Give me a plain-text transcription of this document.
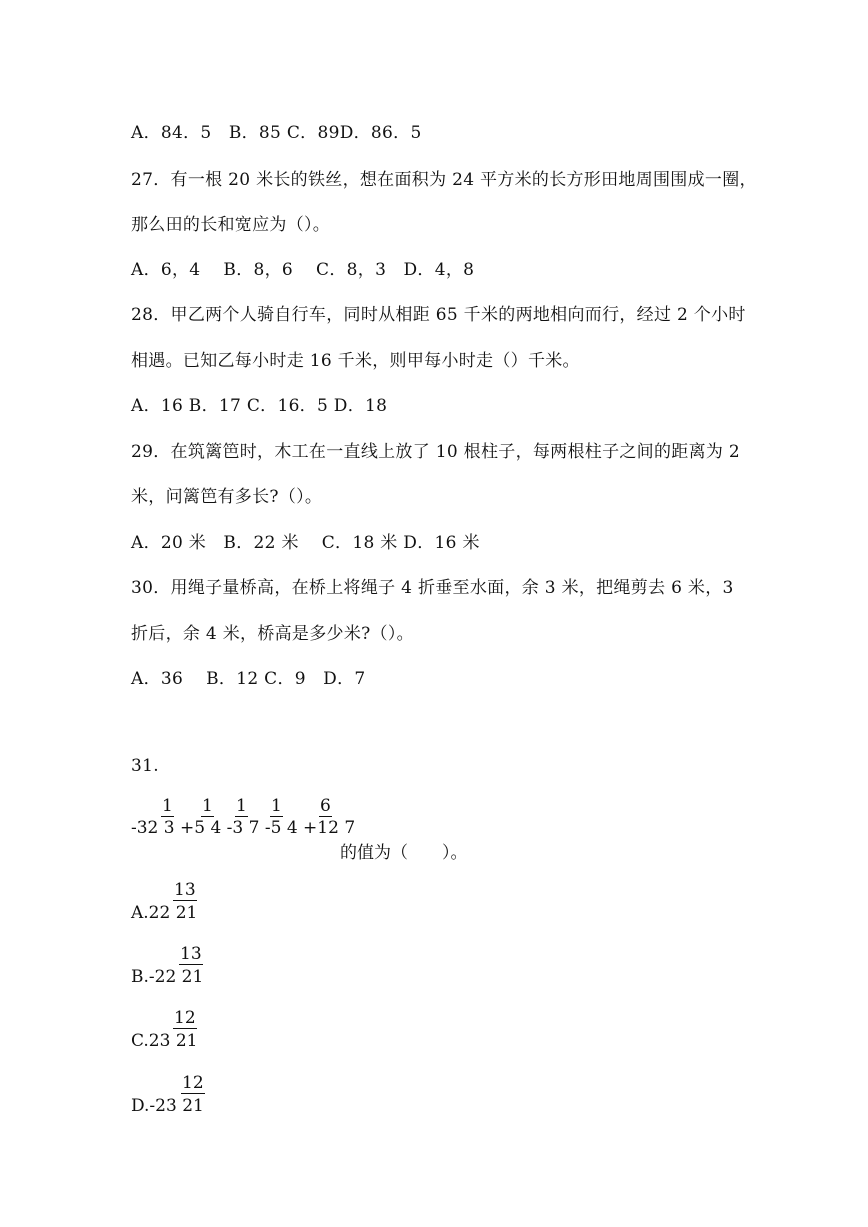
A．84．5　B．85 C．89D．86．5
27．有一根 20 米长的铁丝，想在面积为 24 平方米的长方形田地周围围成一圈，
那么田的长和宽应为（）。
A．6，4　 B．8，6　 C．8，3　D．4，8
28．甲乙两个人骑自行车，同时从相距 65 千米的两地相向而行，经过 2 个小时
相遇。已知乙每小时走 16 千米，则甲每小时走（）千米。
A．16 B．17 C．16．5 D．18
29．在筑篱笆时，木工在一直线上放了 10 根柱子，每两根柱子之间的距离为 2
米，问篱笆有多长?（）。
A．20 米　B．22 米　 C．18 米 D．16 米
30．用绳子量桥高，在桥上将绳子 4 折垂至水面，余 3 米，把绳剪去 6 米，3
折后，余 4 米，桥高是多少米?（）。
A．36　 B．12 C．9　D．7
31.
1 1 1 1 6
-32 3 +5 4 -3 7 -5 4 +12 7
的值为（　　）。
13
A.22 21
13
B.-22 21
12
C.23 21
12
D.-23 21
